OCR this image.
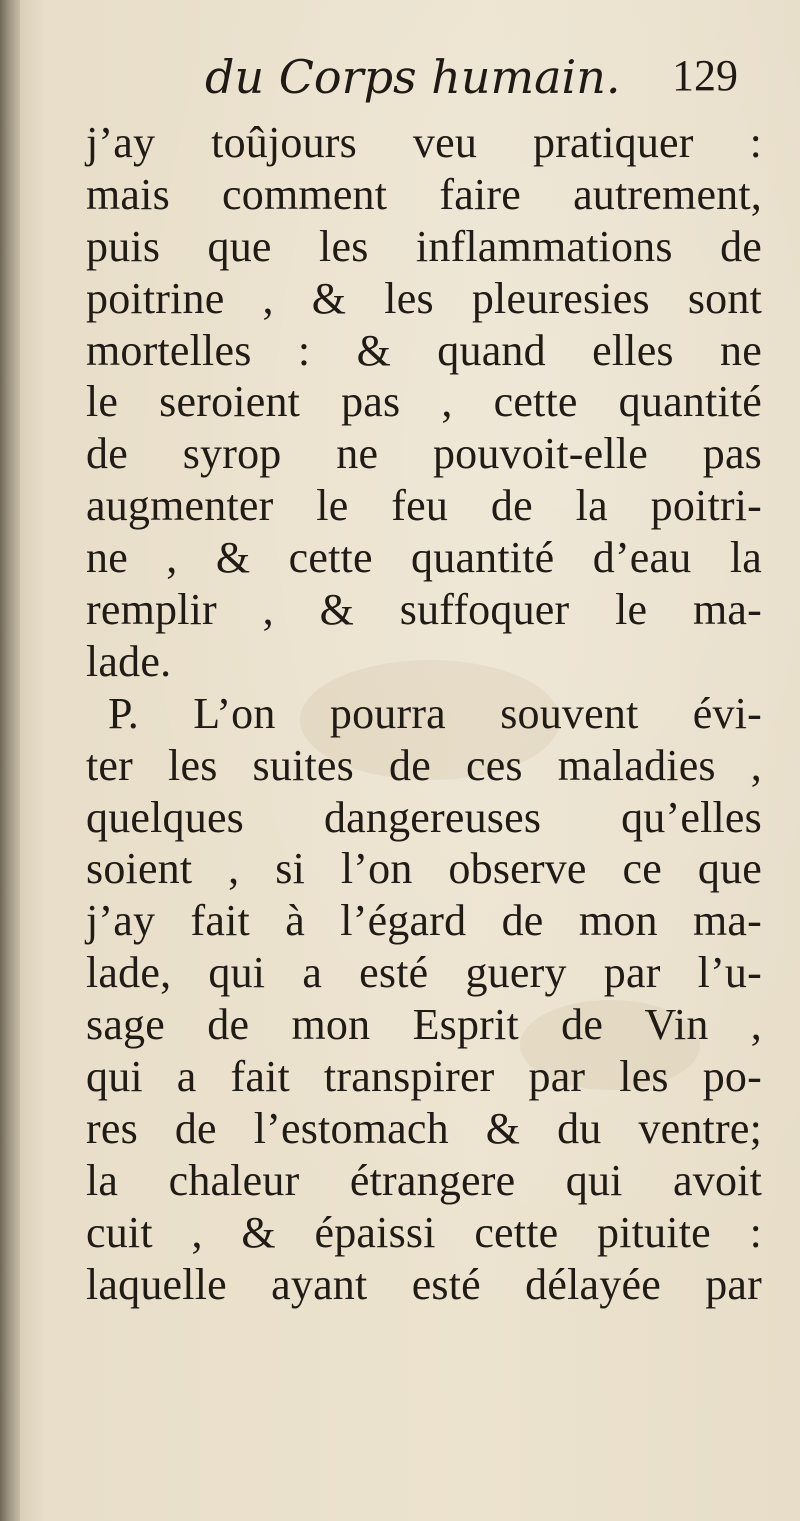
du Corps humain. 129
j’ay toûjours veu pratiquer :
mais comment faire autrement,
puis que les inflammations de
poitrine , & les pleuresies sont
mortelles : & quand elles ne
le seroient pas , cette quantité
de syrop ne pouvoit-elle pas
augmenter le feu de la poitri-
ne , & cette quantité d’eau la
remplir , & suffoquer le ma-
lade.
P. L’on pourra souvent évi-
ter les suites de ces maladies ,
quelques dangereuses qu’elles
soient , si l’on observe ce que
j’ay fait à l’égard de mon ma-
lade, qui a esté guery par l’u-
sage de mon Esprit de Vin ,
qui a fait transpirer par les po-
res de l’estomach & du ventre;
la chaleur étrangere qui avoit
cuit , & épaissi cette pituite :
laquelle ayant esté délayée par
